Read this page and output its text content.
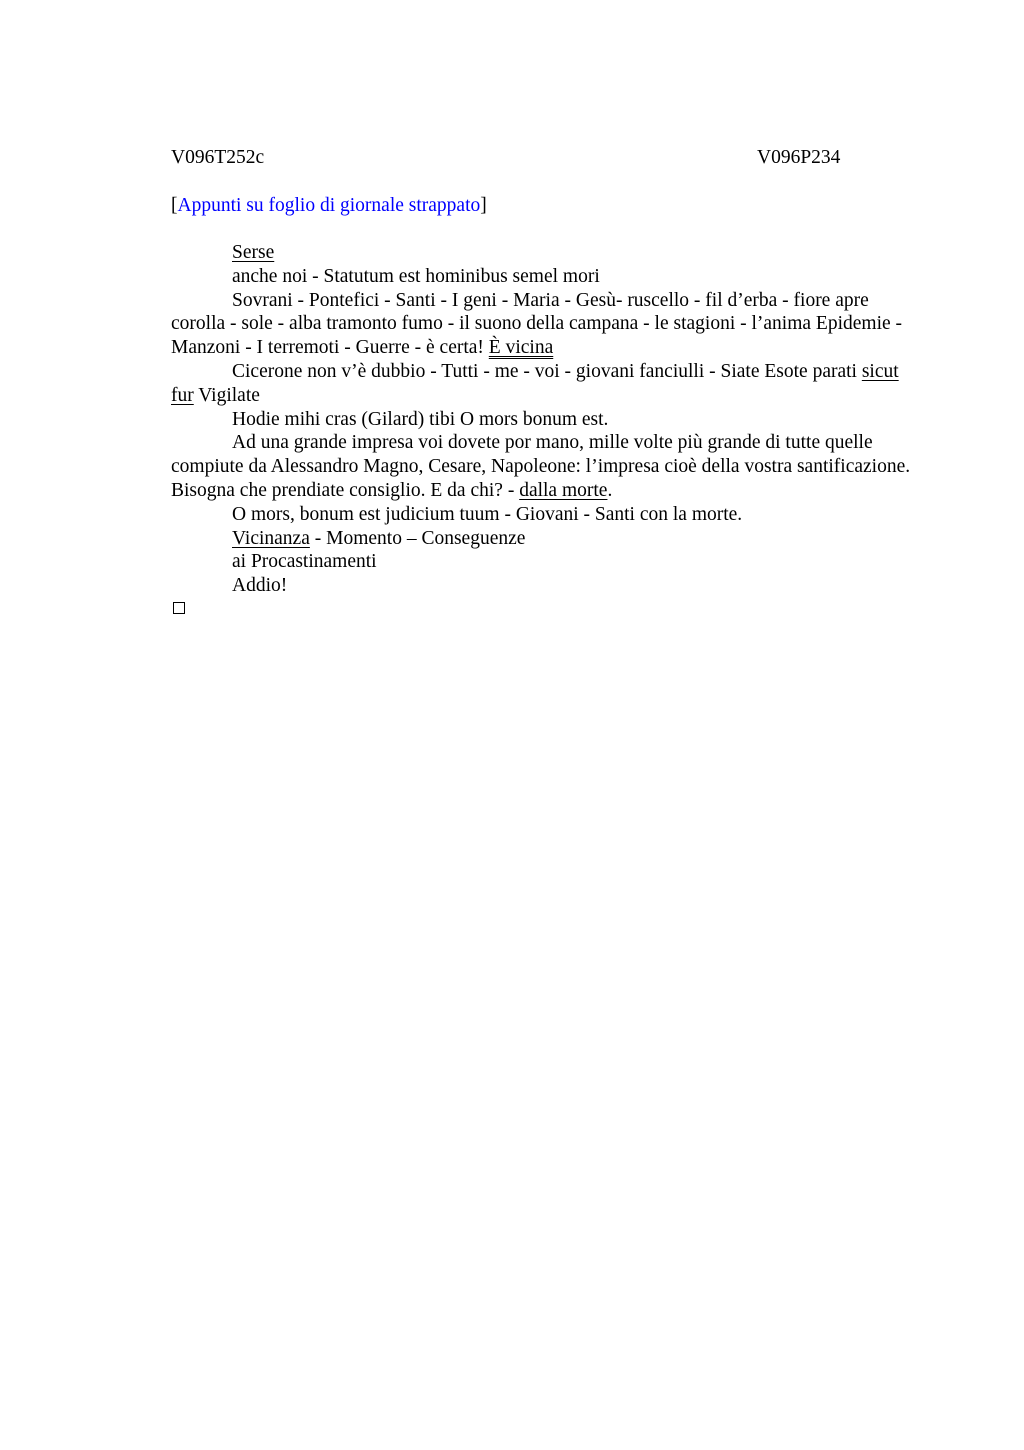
V096T252c	V096P234
[Appunti su foglio di giornale strappato]

Serse

anche noi - Statutum est hominibus semel mori

Sovrani - Pontefici - Santi - I geni - Maria - Gesù- ruscello - fil d’erba - fiore apre corolla - sole - alba tramonto fumo - il suono della campana - le stagioni - l’anima Epidemie - Manzoni - I terremoti - Guerre - è certa! È vicina

Cicerone non v’è dubbio - Tutti - me - voi - giovani fanciulli - Siate Esote parati sicut fur Vigilate

Hodie mihi cras (Gilard) tibi O mors bonum est.

Ad una grande impresa voi dovete por mano, mille volte più grande di tutte quelle compiute da Alessandro Magno, Cesare, Napoleone: l’impresa cioè della vostra santificazione. Bisogna che prendiate consiglio. E da chi? - dalla morte.

O mors, bonum est judicium tuum - Giovani - Santi con la morte.

Vicinanza - Momento – Conseguenze

ai Procastinamenti

Addio!
